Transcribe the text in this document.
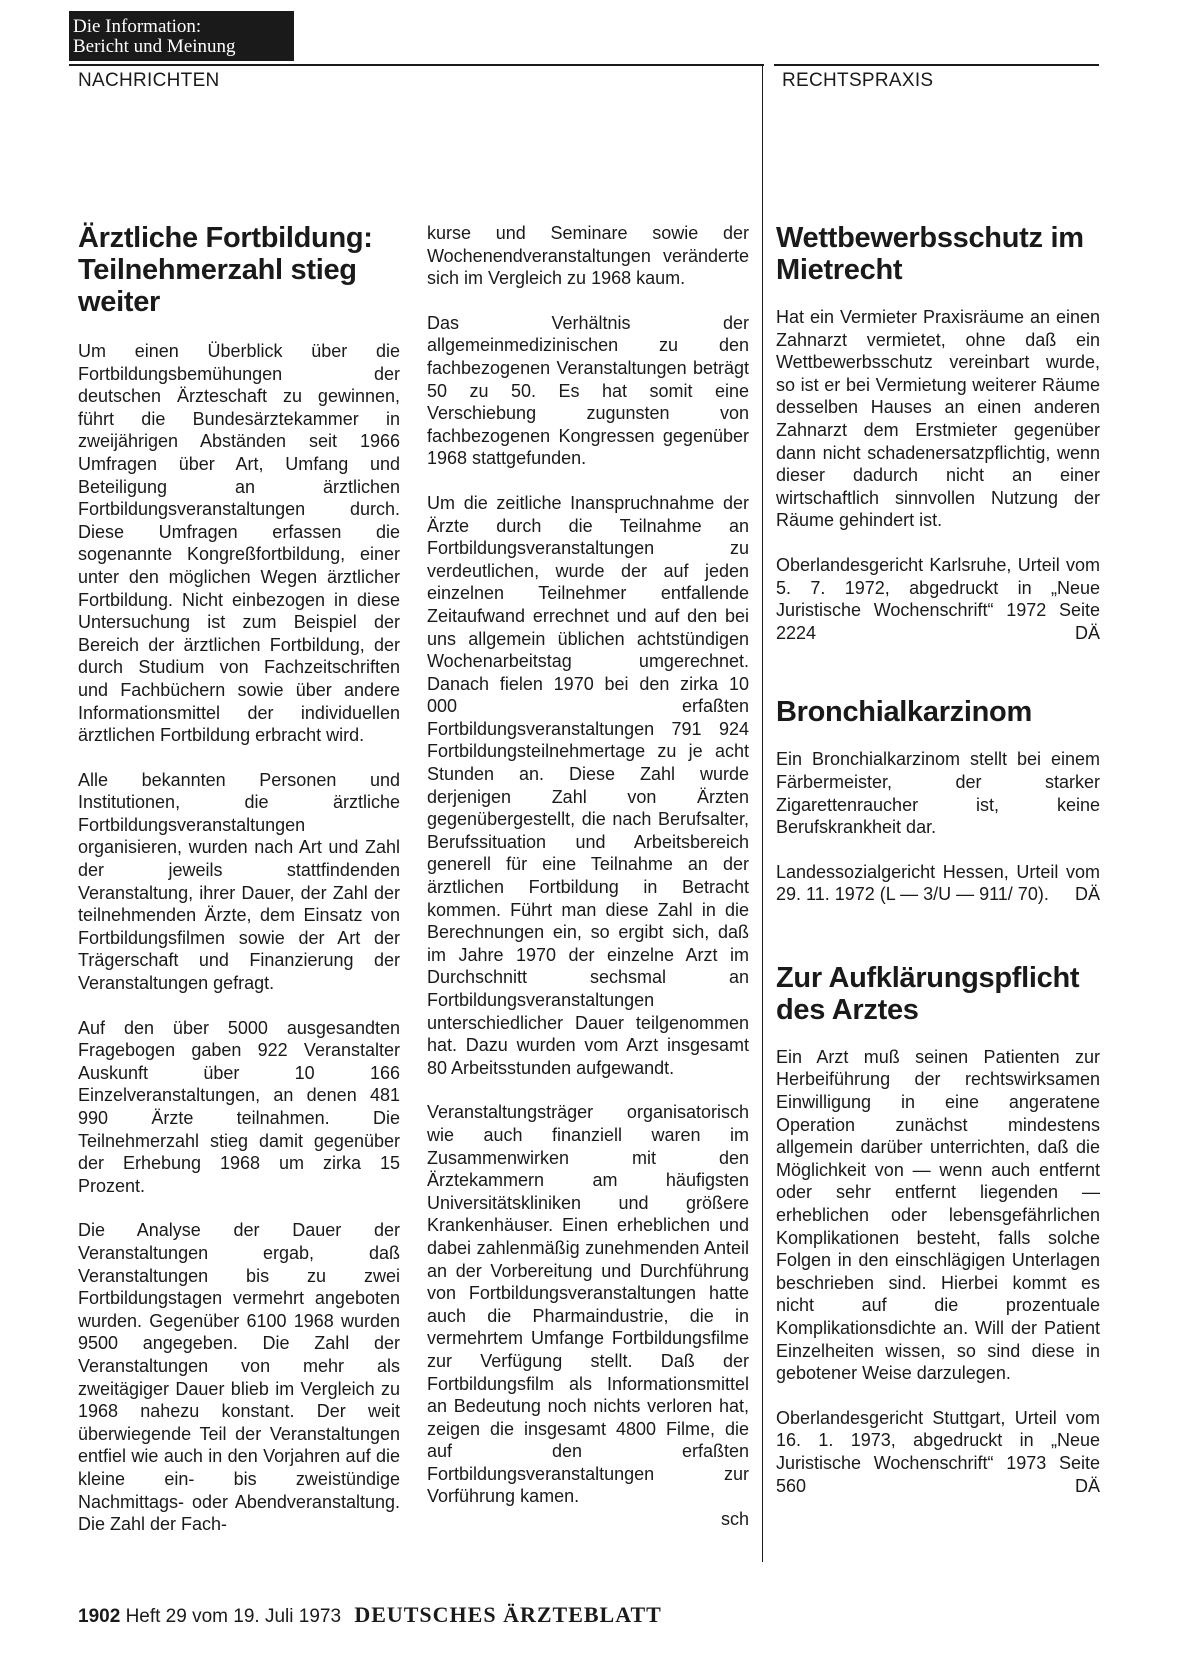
Die Information:
Bericht und Meinung
NACHRICHTEN	RECHTSPRAXIS
Ärztliche Fortbildung: Teilnehmerzahl stieg weiter

Um einen Überblick über die Fortbildungsbemühungen der deutschen Ärzteschaft zu gewinnen, führt die Bundesärztekammer in zweijährigen Abständen seit 1966 Umfragen über Art, Umfang und Beteiligung an ärztlichen Fortbildungsveranstaltungen durch. Diese Umfragen erfassen die sogenannte Kongreßfortbildung, einer unter den möglichen Wegen ärztlicher Fortbildung. Nicht einbezogen in diese Untersuchung ist zum Beispiel der Bereich der ärztlichen Fortbildung, der durch Studium von Fachzeitschriften und Fachbüchern sowie über andere Informationsmittel der individuellen ärztlichen Fortbildung erbracht wird.

Alle bekannten Personen und Institutionen, die ärztliche Fortbildungsveranstaltungen organisieren, wurden nach Art und Zahl der jeweils stattfindenden Veranstaltung, ihrer Dauer, der Zahl der teilnehmenden Ärzte, dem Einsatz von Fortbildungsfilmen sowie der Art der Trägerschaft und Finanzierung der Veranstaltungen gefragt.

Auf den über 5000 ausgesandten Fragebogen gaben 922 Veranstalter Auskunft über 10 166 Einzelveranstaltungen, an denen 481 990 Ärzte teilnahmen. Die Teilnehmerzahl stieg damit gegenüber der Erhebung 1968 um zirka 15 Prozent.

Die Analyse der Dauer der Veranstaltungen ergab, daß Veranstaltungen bis zu zwei Fortbildungstagen vermehrt angeboten wurden. Gegenüber 6100 1968 wurden 9500 angegeben. Die Zahl der Veranstaltungen von mehr als zweitägiger Dauer blieb im Vergleich zu 1968 nahezu konstant. Der weit überwiegende Teil der Veranstaltungen entfiel wie auch in den Vorjahren auf die kleine ein- bis zweistündige Nachmittags- oder Abendveranstaltung. Die Zahl der Fach-

kurse und Seminare sowie der Wochenendveranstaltungen veränderte sich im Vergleich zu 1968 kaum.

Das Verhältnis der allgemeinmedizinischen zu den fachbezogenen Veranstaltungen beträgt 50 zu 50. Es hat somit eine Verschiebung zugunsten von fachbezogenen Kongressen gegenüber 1968 stattgefunden.

Um die zeitliche Inanspruchnahme der Ärzte durch die Teilnahme an Fortbildungsveranstaltungen zu verdeutlichen, wurde der auf jeden einzelnen Teilnehmer entfallende Zeitaufwand errechnet und auf den bei uns allgemein üblichen achtstündigen Wochenarbeitstag umgerechnet. Danach fielen 1970 bei den zirka 10 000 erfaßten Fortbildungsveranstaltungen 791 924 Fortbildungsteilnehmertage zu je acht Stunden an. Diese Zahl wurde derjenigen Zahl von Ärzten gegenübergestellt, die nach Berufsalter, Berufssituation und Arbeitsbereich generell für eine Teilnahme an der ärztlichen Fortbildung in Betracht kommen. Führt man diese Zahl in die Berechnungen ein, so ergibt sich, daß im Jahre 1970 der einzelne Arzt im Durchschnitt sechsmal an Fortbildungsveranstaltungen unterschiedlicher Dauer teilgenommen hat. Dazu wurden vom Arzt insgesamt 80 Arbeitsstunden aufgewandt.

Veranstaltungsträger organisatorisch wie auch finanziell waren im Zusammenwirken mit den Ärztekammern am häufigsten Universitätskliniken und größere Krankenhäuser. Einen erheblichen und dabei zahlenmäßig zunehmenden Anteil an der Vorbereitung und Durchführung von Fortbildungsveranstaltungen hatte auch die Pharmaindustrie, die in vermehrtem Umfange Fortbildungsfilme zur Verfügung stellt. Daß der Fortbildungsfilm als Informationsmittel an Bedeutung noch nichts verloren hat, zeigen die insgesamt 4800 Filme, die auf den erfaßten Fortbildungsveranstaltungen zur Vorführung kamen.

sch
Wettbewerbsschutz im Mietrecht

Hat ein Vermieter Praxisräume an einen Zahnarzt vermietet, ohne daß ein Wettbewerbsschutz vereinbart wurde, so ist er bei Vermietung weiterer Räume desselben Hauses an einen anderen Zahnarzt dem Erstmieter gegenüber dann nicht schadenersatzpflichtig, wenn dieser dadurch nicht an einer wirtschaftlich sinnvollen Nutzung der Räume gehindert ist.

Oberlandesgericht Karlsruhe, Urteil vom 5. 7. 1972, abgedruckt in „Neue Juristische Wochenschrift“ 1972 Seite 2224	DÄ

Bronchialkarzinom

Ein Bronchialkarzinom stellt bei einem Färbermeister, der starker Zigarettenraucher ist, keine Berufskrankheit dar.

Landessozialgericht Hessen, Urteil vom 29. 11. 1972 (L — 3/U — 911/ 70). DÄ

Zur Aufklärungspflicht des Arztes

Ein Arzt muß seinen Patienten zur Herbeiführung der rechtswirksamen Einwilligung in eine angeratene Operation zunächst mindestens allgemein darüber unterrichten, daß die Möglichkeit von — wenn auch entfernt oder sehr entfernt liegenden — erheblichen oder lebensgefährlichen Komplikationen besteht, falls solche Folgen in den einschlägigen Unterlagen beschrieben sind. Hierbei kommt es nicht auf die prozentuale Komplikationsdichte an. Will der Patient Einzelheiten wissen, so sind diese in gebotener Weise darzulegen.

Oberlandesgericht Stuttgart, Urteil vom 16. 1. 1973, abgedruckt in „Neue Juristische Wochenschrift“ 1973 Seite 560	DÄ

1902 Heft 29 vom 19. Juli 1973 DEUTSCHES ÄRZTEBLATT
